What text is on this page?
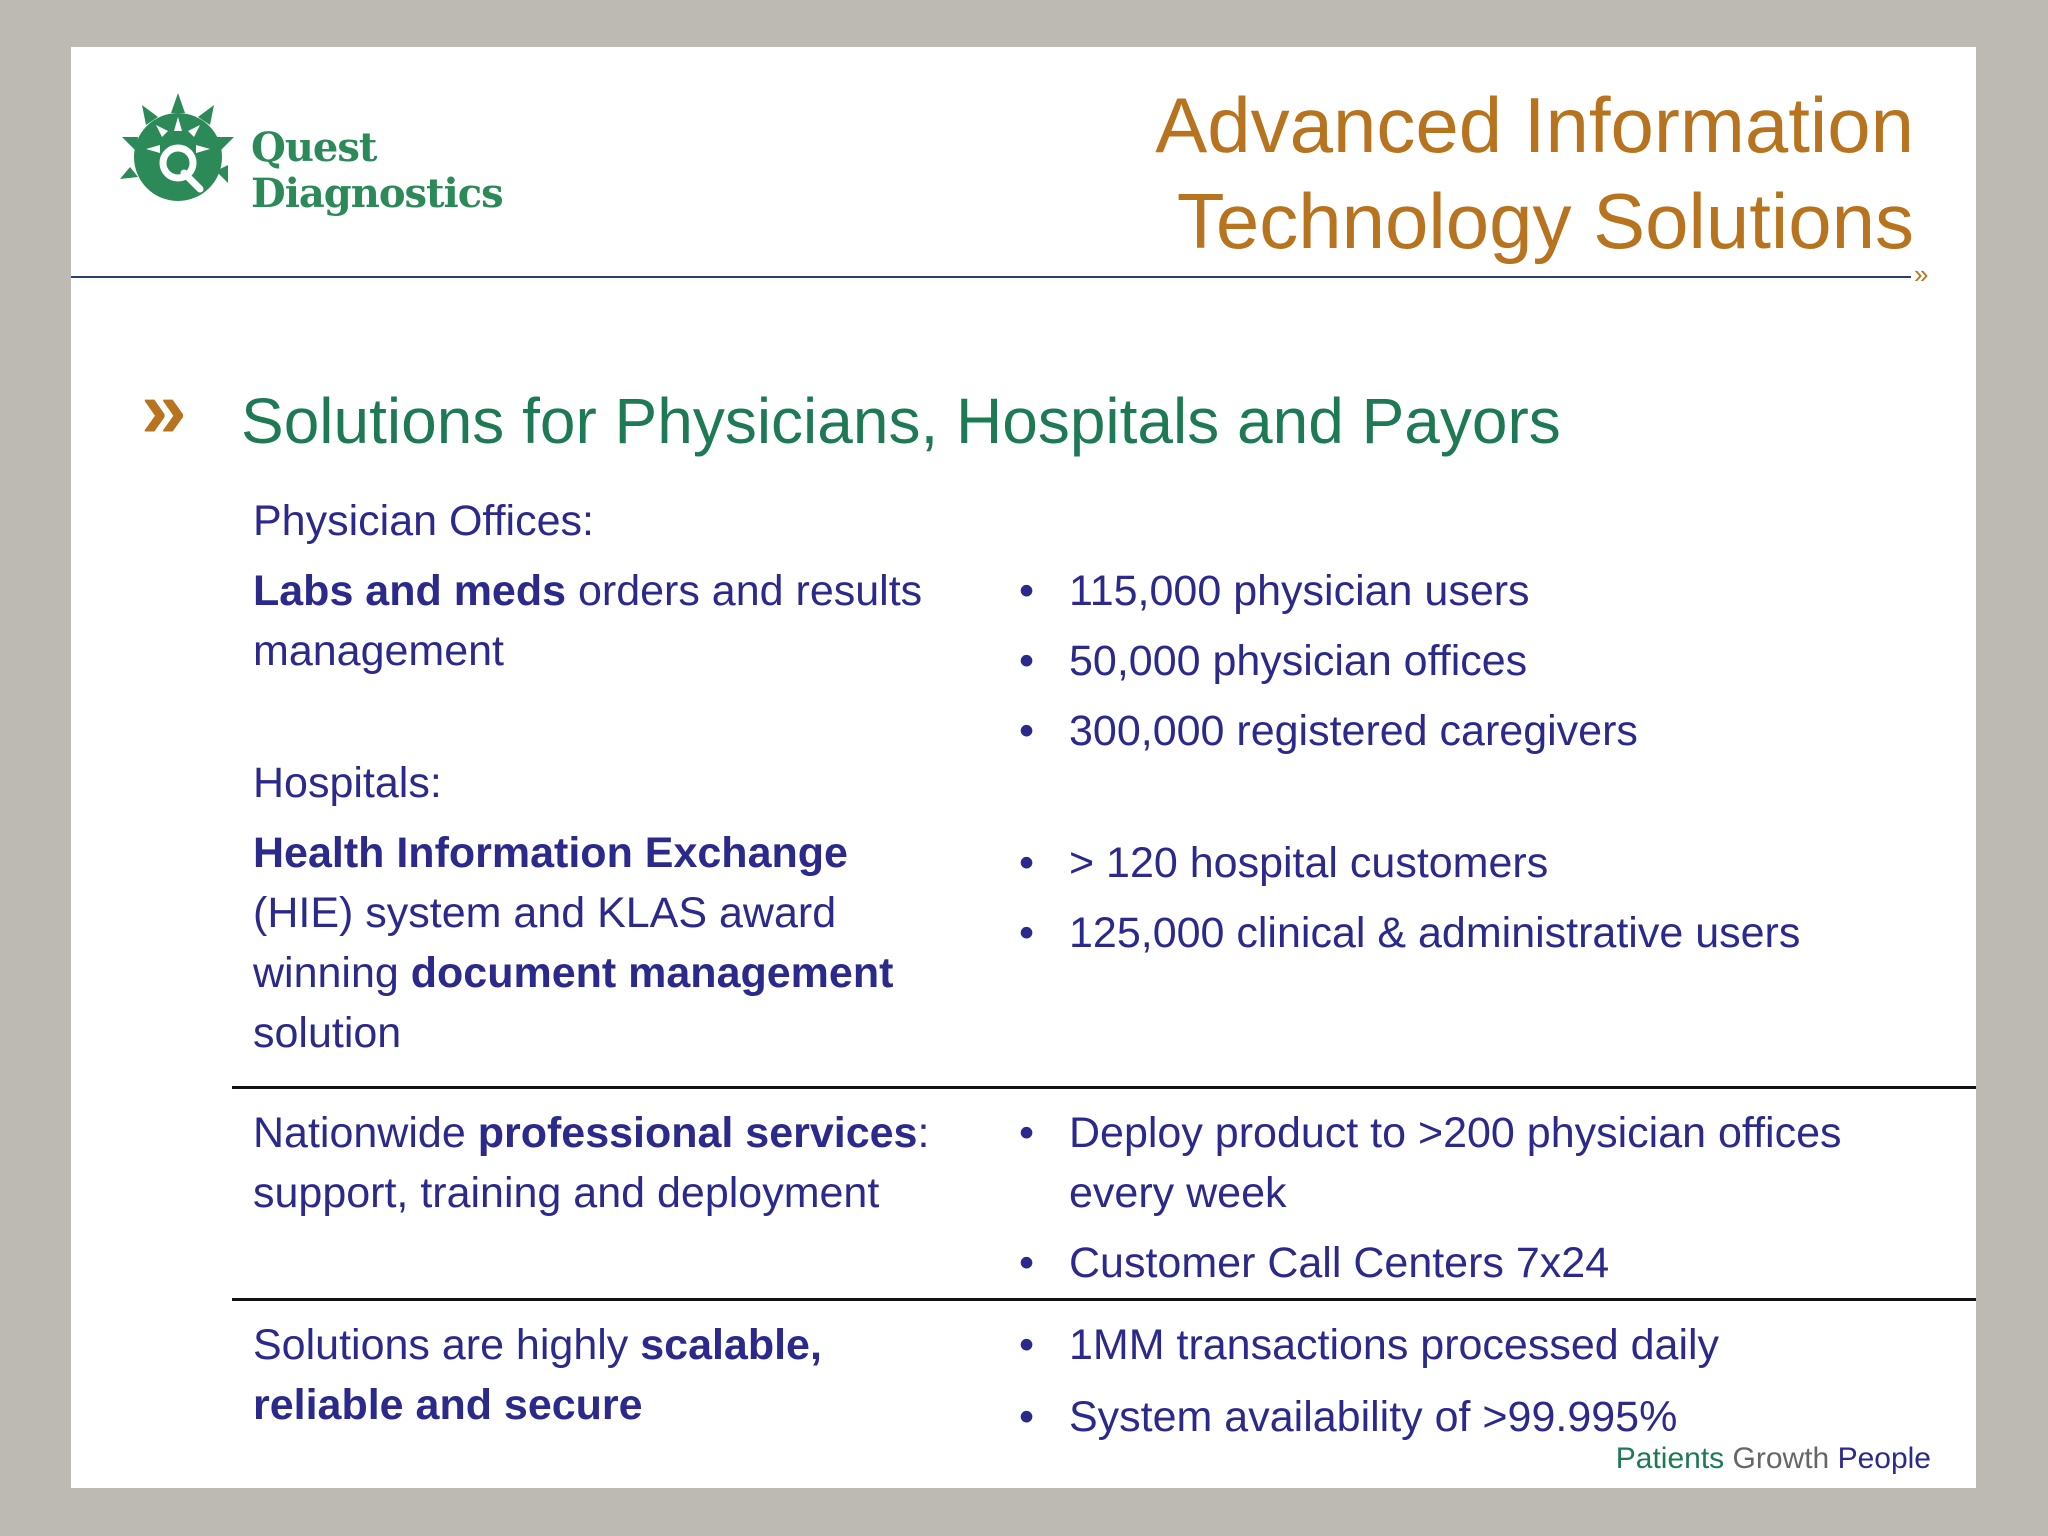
Quest
Diagnostics
Advanced Information
Technology Solutions
»
» Solutions for Physicians, Hospitals and Payors
Physician Offices:
Labs and meds orders and results
management
• 115,000 physician users
• 50,000 physician offices
• 300,000 registered caregivers
Hospitals:
Health Information Exchange
(HIE) system and KLAS award
winning document management
solution
• > 120 hospital customers
• 125,000 clinical & administrative users
Nationwide professional services:
support, training and deployment
• Deploy product to >200 physician offices
every week
• Customer Call Centers 7x24
Solutions are highly scalable,
reliable and secure
• 1MM transactions processed daily
• System availability of >99.995%
Patients Growth People
